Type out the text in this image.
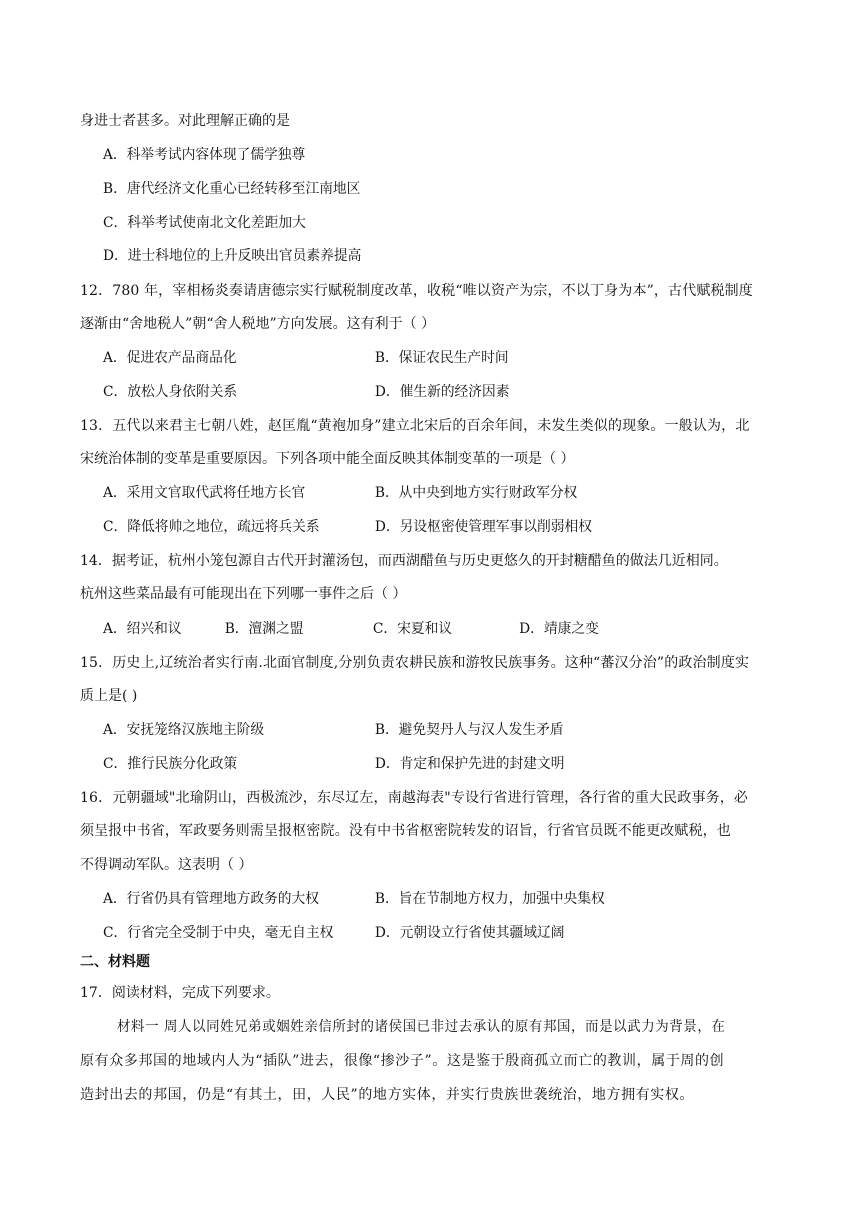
身进士者甚多。对此理解正确的是
A．科举考试内容体现了儒学独尊
B．唐代经济文化重心已经转移至江南地区
C．科举考试使南北文化差距加大
D．进士科地位的上升反映出官员素养提高
12．780 年，宰相杨炎奏请唐德宗实行赋税制度改革，收税“唯以资产为宗，不以丁身为本”，古代赋税制度
逐渐由“舍地税人”朝“舍人税地”方向发展。这有利于（ ）
A．促进农产品商品化	B．保证农民生产时间
C．放松人身依附关系	D．催生新的经济因素
13．五代以来君主七朝八姓，赵匡胤“黄袍加身”建立北宋后的百余年间，未发生类似的现象。一般认为，北
宋统治体制的变革是重要原因。下列各项中能全面反映其体制变革的一项是（ ）
A．采用文官取代武将任地方长官	B．从中央到地方实行财政军分权
C．降低将帅之地位，疏远将兵关系	D．另设枢密使管理军事以削弱相权
14．据考证，杭州小笼包源自古代开封灌汤包，而西湖醋鱼与历史更悠久的开封糖醋鱼的做法几近相同。
杭州这些菜品最有可能现出在下列哪一事件之后（ ）
A．绍兴和议	B．澶渊之盟	C．宋夏和议	D．靖康之变
15．历史上,辽统治者实行南.北面官制度,分别负责农耕民族和游牧民族事务。这种“蕃汉分治”的政治制度实
质上是( )
A．安抚笼络汉族地主阶级	B．避免契丹人与汉人发生矛盾
C．推行民族分化政策	D．肯定和保护先进的封建文明
16．元朝疆域"北瑜阴山，西极流沙，东尽辽左，南越海表"专设行省进行管理，各行省的重大民政事务，必
须呈报中书省，军政要务则需呈报枢密院。没有中书省枢密院转发的诏旨，行省官员既不能更改赋税，也
不得调动军队。这表明（ ）
A．行省仍具有管理地方政务的大权	B．旨在节制地方权力，加强中央集权
C．行省完全受制于中央，毫无自主权	D．元朝设立行省使其疆域辽阔
二、材料题
17．阅读材料，完成下列要求。
材料一 周人以同姓兄弟或姻姓亲信所封的诸侯国已非过去承认的原有邦国，而是以武力为背景，在
原有众多邦国的地域内人为“插队”进去，很像“掺沙子”。这是鉴于殷商孤立而亡的教训，属于周的创
造封出去的邦国，仍是“有其土，田，人民”的地方实体，并实行贵族世袭统治，地方拥有实权。
